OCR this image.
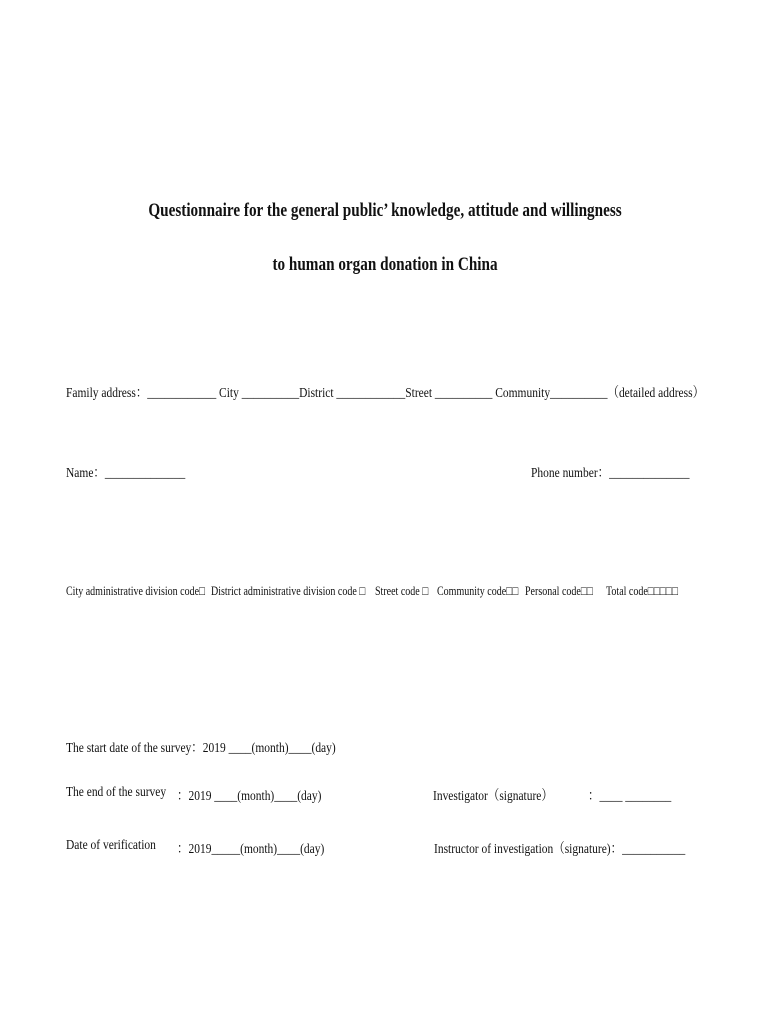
Questionnaire for the general public’ knowledge, attitude and willingness
to human organ donation in China
Family address：____________ City __________District ____________Street __________ Community__________（detailed address）
Name：______________	Phone number：______________
City administrative division code□ District administrative division code □ Street code □ Community code□□ Personal code□□ Total code□□□□□
The start date of the survey：2019 ____(month)____(day)
The end of the survey ：2019 ____(month)____(day)	Investigator（signature）	：____ ________
Date of verification ：2019_____(month)____(day)	Instructor of investigation（signature)：___________
